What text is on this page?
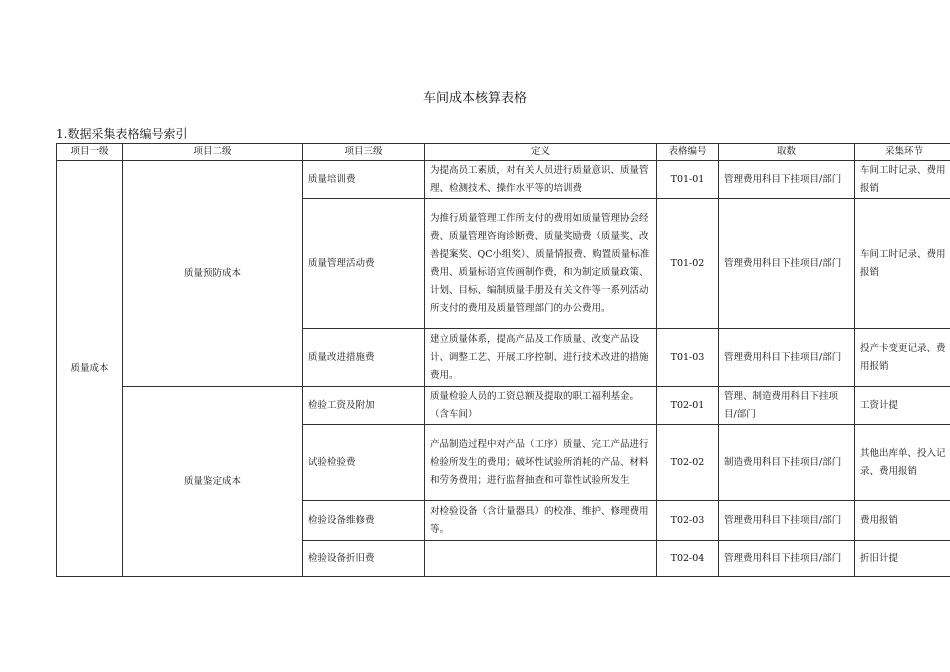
车间成本核算表格
1.数据采集表格编号索引
项目一级	项目二级	项目三级	定义	表格编号	取数	采集环节
质量成本	质量预防成本	质量培训费	为提高员工素质，对有关人员进行质量意识、质量管理、检测技术、操作水平等的培训费	T01-01	管理费用科目下挂项目/部门	车间工时记录、费用报销
		质量管理活动费	为推行质量管理工作所支付的费用如质量管理协会经费、质量管理咨询诊断费、质量奖励费（质量奖、改善提案奖、QC小组奖）、质量情报费、购置质量标准费用、质量标语宣传画制作费，和为制定质量政策、计划、目标、编制质量手册及有关文件等一系列活动所支付的费用及质量管理部门的办公费用。	T01-02	管理费用科目下挂项目/部门	车间工时记录、费用报销
		质量改进措施费	建立质量体系，提高产品及工作质量、改变产品设计、调整工艺、开展工序控制、进行技术改进的措施费用。	T01-03	管理费用科目下挂项目/部门	投产卡变更记录、费用报销
	质量鉴定成本	检验工资及附加	质量检验人员的工资总额及提取的职工福利基金。（含车间）	T02-01	管理、制造费用科目下挂项目/部门	工资计提
		试验检验费	产品制造过程中对产品（工序）质量、完工产品进行检验所发生的费用；破坏性试验所消耗的产品、材料和劳务费用；进行监督抽查和可靠性试验所发生	T02-02	制造费用科目下挂项目/部门	其他出库单、投入记录、费用报销
		检验设备维修费	对检验设备（含计量器具）的校准、维护、修理费用等。	T02-03	管理费用科目下挂项目/部门	费用报销
		检验设备折旧费		T02-04	管理费用科目下挂项目/部门	折旧计提
